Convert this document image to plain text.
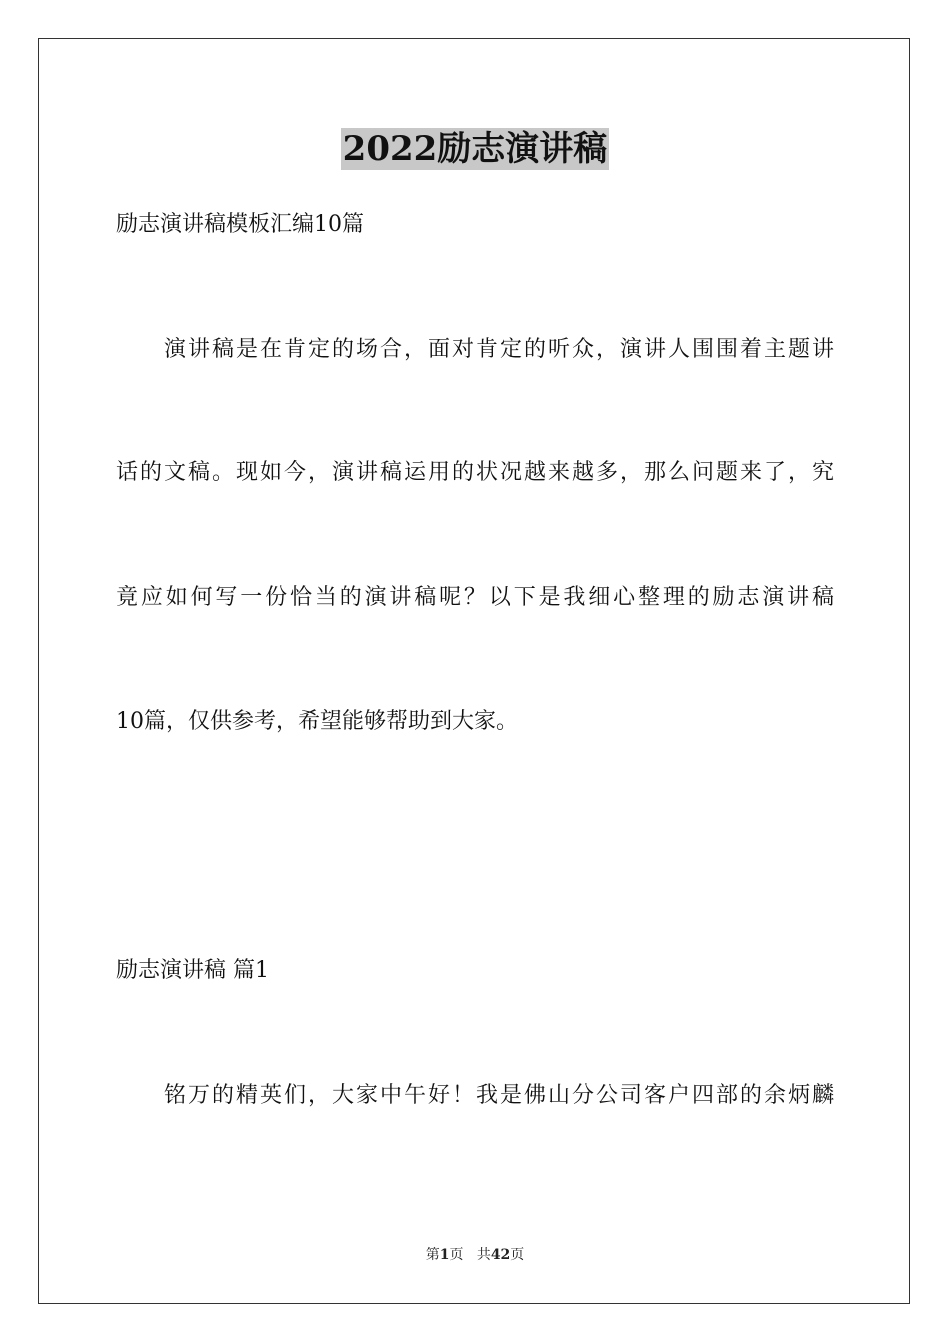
2022励志演讲稿
励志演讲稿模板汇编10篇
演讲稿是在肯定的场合，面对肯定的听众，演讲人围围着主题讲
话的文稿。现如今，演讲稿运用的状况越来越多，那么问题来了，究
竟应如何写一份恰当的演讲稿呢？以下是我细心整理的励志演讲稿
10篇，仅供参考，希望能够帮助到大家。
励志演讲稿 篇1
铭万的精英们，大家中午好！我是佛山分公司客户四部的余炳麟
第1页 共42页
